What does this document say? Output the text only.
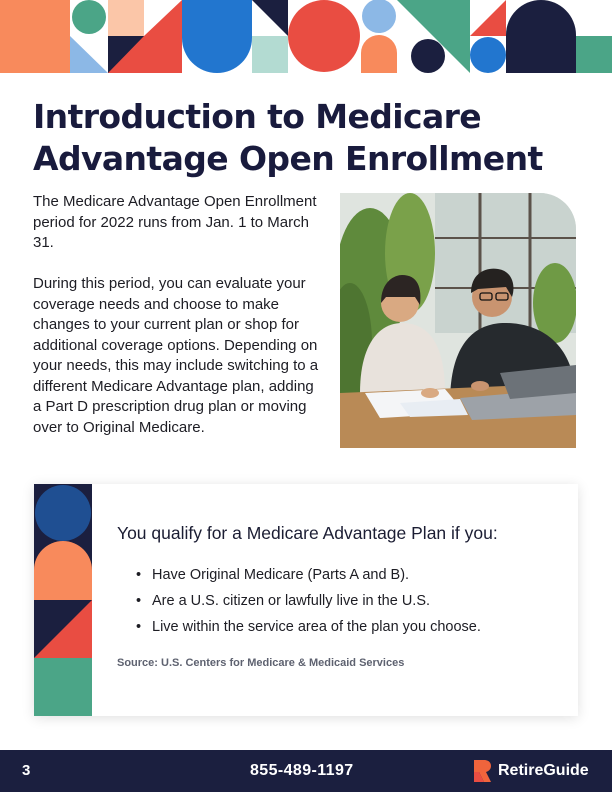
Introduction to Medicare Advantage Open Enrollment

The Medicare Advantage Open Enrollment period for 2022 runs from Jan. 1 to March 31.

During this period, you can evaluate your coverage needs and choose to make changes to your current plan or shop for additional coverage options. Depending on your needs, this may include switching to a different Medicare Advantage plan, adding a Part D prescription drug plan or moving over to Original Medicare.

You qualify for a Medicare Advantage Plan if you:
• Have Original Medicare (Parts A and B).
• Are a U.S. citizen or lawfully live in the U.S.
• Live within the service area of the plan you choose.
Source: U.S. Centers for Medicare & Medicaid Services
3	855-489-1197	RetireGuide
